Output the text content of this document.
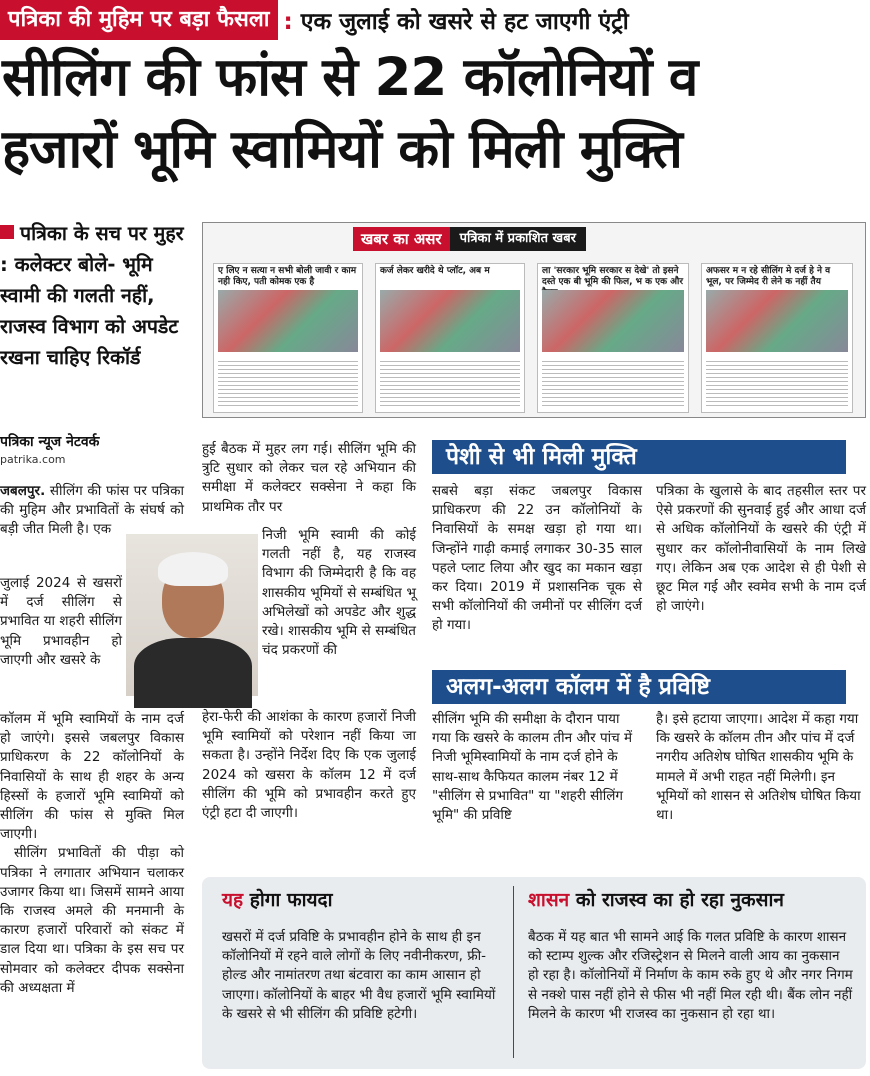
पत्रिका की मुहिम पर बड़ा फैसला : एक जुलाई को खसरे से हट जाएगी एंट्री
सीलिंग की फांस से 22 कॉलोनियों व
हजारों भूमि स्वामियों को मिली मुक्ति
पत्रिका के सच पर मुहर : कलेक्टर बोले- भूमि स्वामी की गलती नहीं, राजस्व विभाग को अपडेट रखना चाहिए रिकॉर्ड
पत्रिका न्यूज नेटवर्क
patrika.com
खबर का असर	पत्रिका में प्रकाशित खबर
ए लिए न सत्या न सभी बोली जावी र काम नही किए, पती कोमक एक है
कर्ज लेकर खरीदे थे प्लॉट, अब म	ला 'सरकार भूमि सरकार स देखे' तो इसने दस्ते एक बी भूमि की फिल, भ क एक और
अफसर म न रहे सीलिंग मे दर्ज हे ने व भूल, पर जिम्मेद री लेने क नहीं तैय
जबलपुर. सीलिंग की फांस पर पत्रिका की मुहिम और प्रभावितों के संघर्ष को बड़ी जीत मिली है। एक
जुलाई 2024 से खसरों में दर्ज सीलिंग से प्रभावित या शहरी सीलिंग भूमि प्रभावहीन हो जाएगी और खसरे के
कॉलम में भूमि स्वामियों के नाम दर्ज हो जाएंगे। इससे जबलपुर विकास प्राधिकरण के 22 कॉलोनियों के निवासियों के साथ ही शहर के अन्य हिस्सों के हजारों भूमि स्वामियों को सीलिंग की फांस से मुक्ति मिल जाएगी।
सीलिंग प्रभावितों की पीड़ा को पत्रिका ने लगातार अभियान चलाकर उजागर किया था। जिसमें सामने आया कि राजस्व अमले की मनमानी के कारण हजारों परिवारों को संकट में डाल दिया था। पत्रिका के इस सच पर सोमवार को कलेक्टर दीपक सक्सेना की अध्यक्षता में
हुई बैठक में मुहर लग गई। सीलिंग भूमि की त्रुटि सुधार को लेकर चल रहे अभियान की समीक्षा में कलेक्टर सक्सेना ने कहा कि प्राथमिक तौर पर
निजी भूमि स्वामी की कोई गलती नहीं है, यह राजस्व विभाग की जिम्मेदारी है कि वह शासकीय भूमियों से सम्बंधित भू अभिलेखों को अपडेट और शुद्ध रखे। शासकीय भूमि से सम्बंधित चंद प्रकरणों की
हेरा-फेरी की आशंका के कारण हजारों निजी भूमि स्वामियों को परेशान नहीं किया जा सकता है। उन्होंने निर्देश दिए कि एक जुलाई 2024 को खसरा के कॉलम 12 में दर्ज सीलिंग की भूमि को प्रभावहीन करते हुए एंट्री हटा दी जाएगी।
पेशी से भी मिली मुक्ति
सबसे बड़ा संकट जबलपुर विकास प्राधिकरण की 22 उन कॉलोनियों के निवासियों के समक्ष खड़ा हो गया था। जिन्होंने गाढ़ी कमाई लगाकर 30-35 साल पहले प्लाट लिया और खुद का मकान खड़ा कर दिया। 2019 में प्रशासनिक चूक से सभी कॉलोनियों की जमीनों पर सीलिंग दर्ज हो गया।
पत्रिका के खुलासे के बाद तहसील स्तर पर ऐसे प्रकरणों की सुनवाई हुई और आधा दर्ज से अधिक कॉलोनियों के खसरे की एंट्री में सुधार कर कॉलोनीवासियों के नाम लिखे गए। लेकिन अब एक आदेश से ही पेशी से छूट मिल गई और स्वमेव सभी के नाम दर्ज हो जाएंगे।
अलग-अलग कॉलम में है प्रविष्टि
सीलिंग भूमि की समीक्षा के दौरान पाया गया कि खसरे के कालम तीन और पांच में निजी भूमिस्वामियों के नाम दर्ज होने के साथ-साथ कैफियत कालम नंबर 12 में "सीलिंग से प्रभावित" या "शहरी सीलिंग भूमि" की प्रविष्टि
है। इसे हटाया जाएगा। आदेश में कहा गया कि खसरे के कॉलम तीन और पांच में दर्ज नगरीय अतिशेष घोषित शासकीय भूमि के मामले में अभी राहत नहीं मिलेगी। इन भूमियों को शासन से अतिशेष घोषित किया था।
यह होगा फायदा
खसरों में दर्ज प्रविष्टि के प्रभावहीन होने के साथ ही इन कॉलोनियों में रहने वाले लोगों के लिए नवीनीकरण, फ्री-होल्ड और नामांतरण तथा बंटवारा का काम आसान हो जाएगा। कॉलोनियों के बाहर भी वैध हजारों भूमि स्वामियों के खसरे से भी सीलिंग की प्रविष्टि हटेगी।
शासन को राजस्व का हो रहा नुकसान
बैठक में यह बात भी सामने आई कि गलत प्रविष्टि के कारण शासन को स्टाम्प शुल्क और रजिस्ट्रेशन से मिलने वाली आय का नुकसान हो रहा है। कॉलोनियों में निर्माण के काम रुके हुए थे और नगर निगम से नक्शे पास नहीं होने से फीस भी नहीं मिल रही थी। बैंक लोन नहीं मिलने के कारण भी राजस्व का नुकसान हो रहा था।
